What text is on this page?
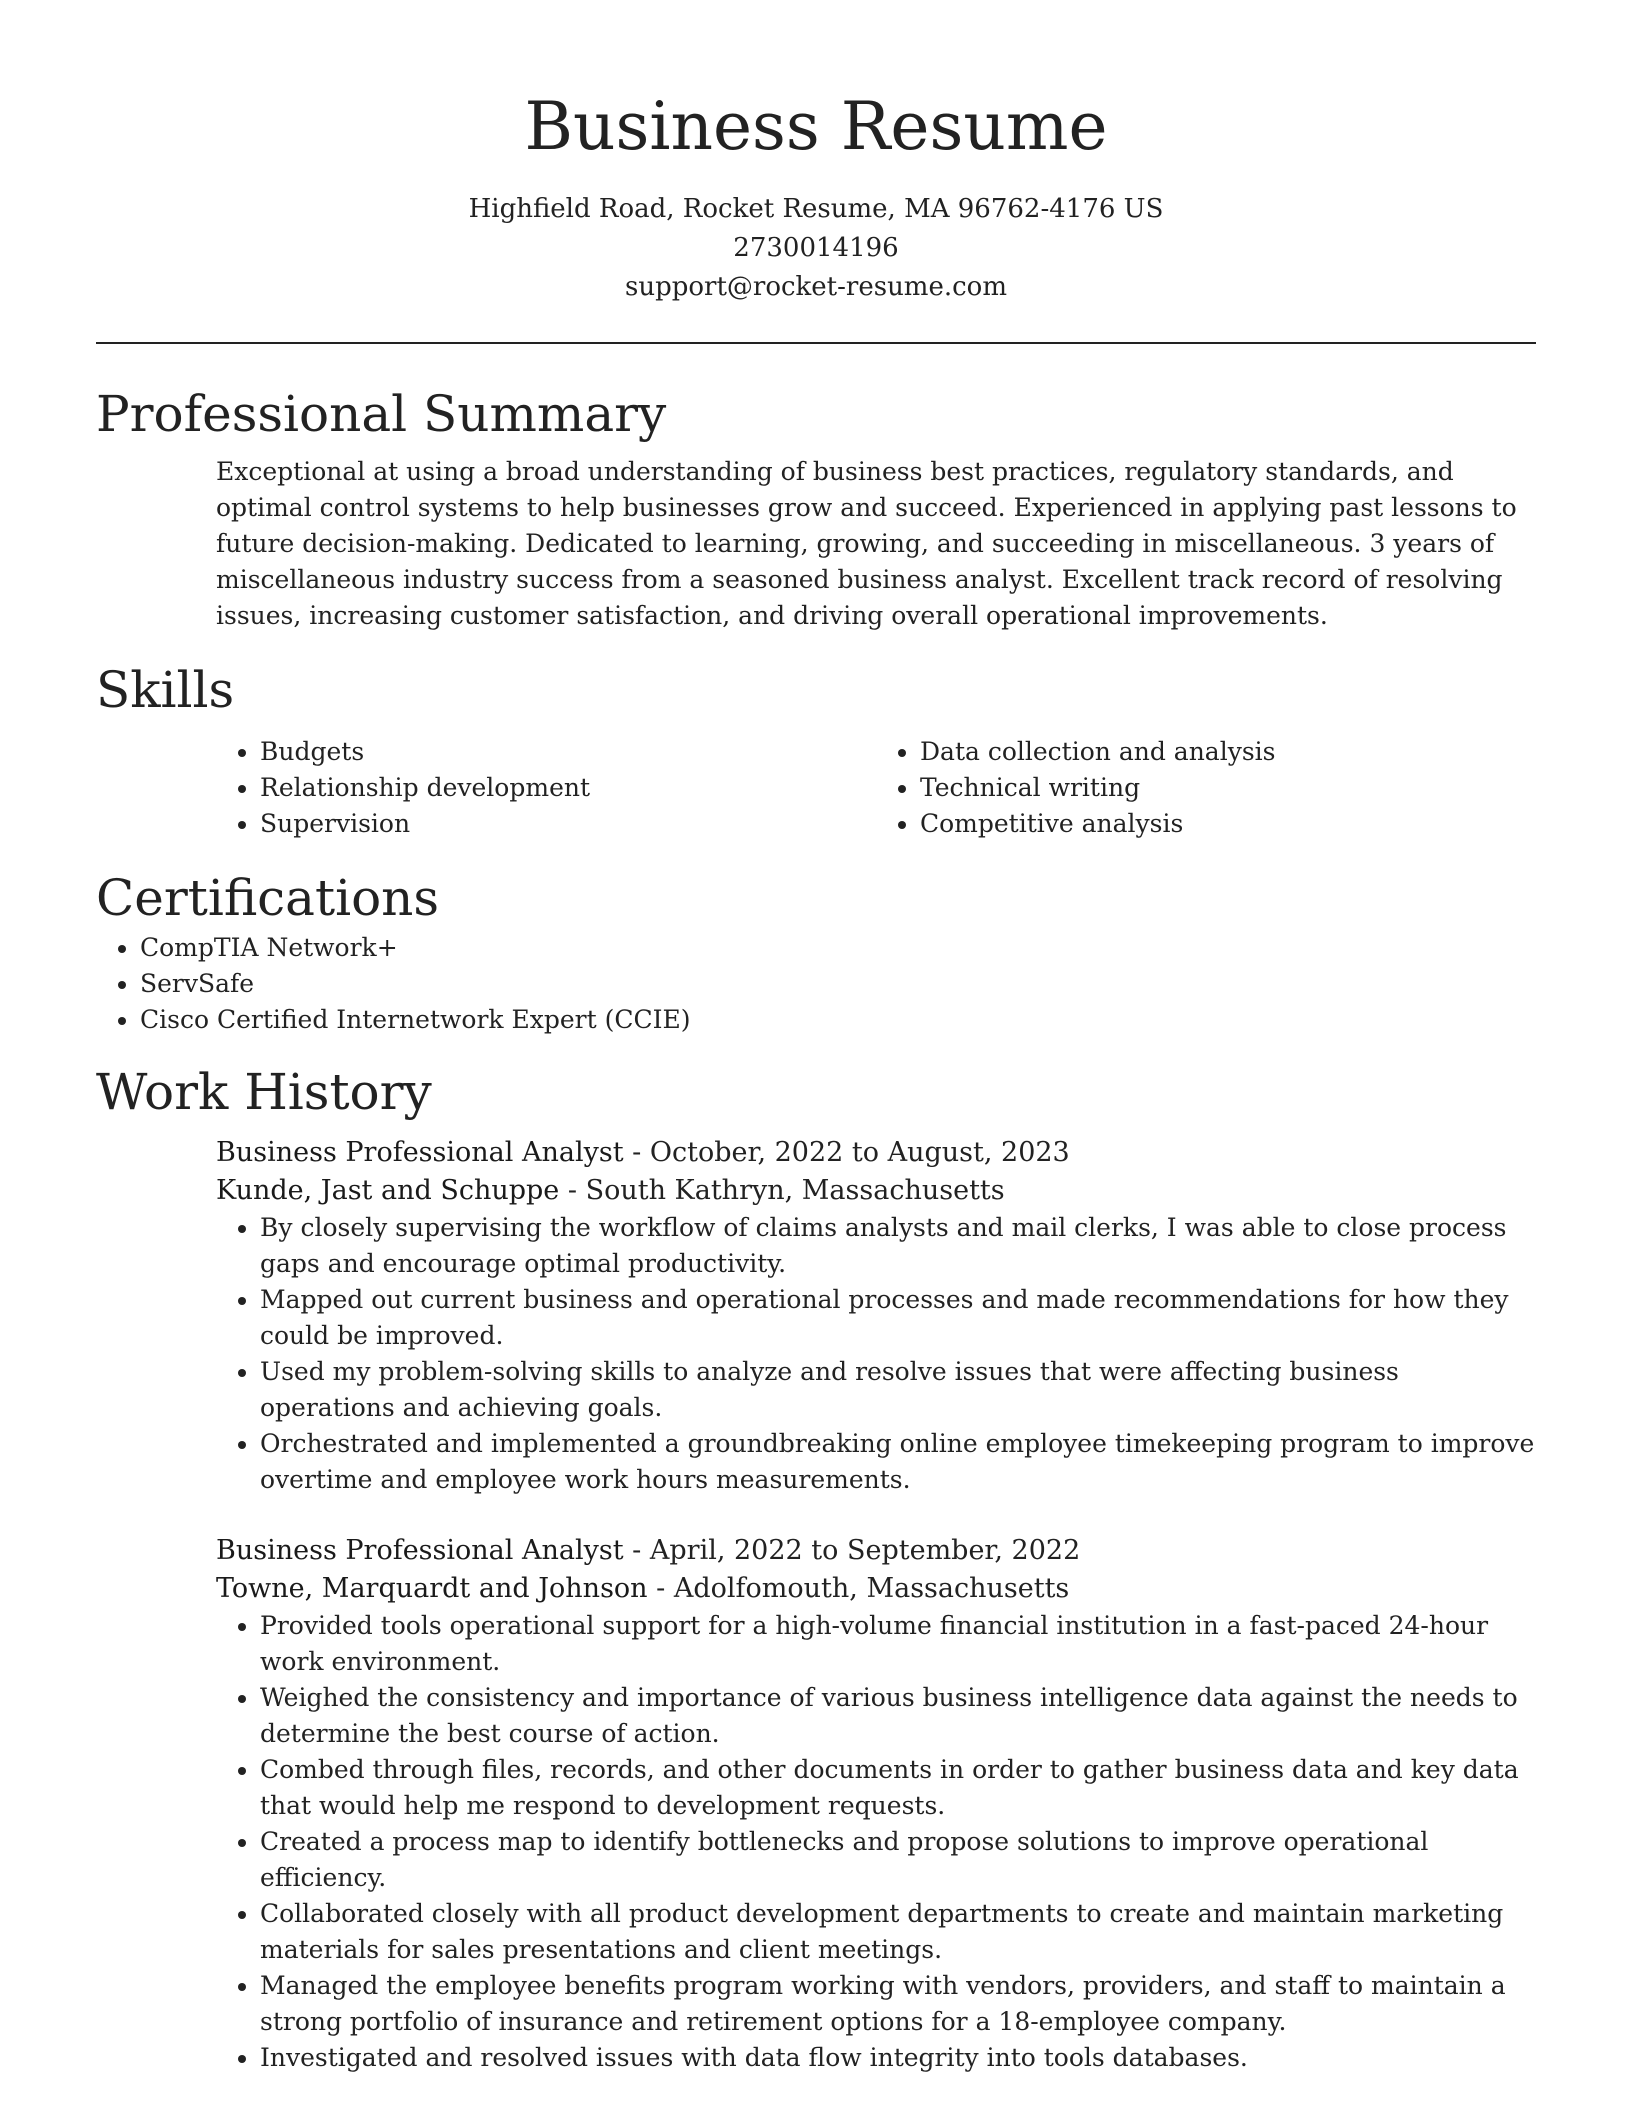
Business Resume

Highfield Road, Rocket Resume, MA 96762-4176 US

2730014196

support@rocket-resume.com

Professional Summary

Exceptional at using a broad understanding of business best practices, regulatory standards, and optimal control systems to help businesses grow and succeed. Experienced in applying past lessons to future decision-making. Dedicated to learning, growing, and succeeding in miscellaneous. 3 years of miscellaneous industry success from a seasoned business analyst. Excellent track record of resolving issues, increasing customer satisfaction, and driving overall operational improvements.

Skills
• Budgets
• Relationship development
• Supervision
• Data collection and analysis
• Technical writing
• Competitive analysis
Certifications
• CompTIA Network+
• ServSafe
• Cisco Certified Internetwork Expert (CCIE)
Work History

Business Professional Analyst - October, 2022 to August, 2023

Kunde, Jast and Schuppe - South Kathryn, Massachusetts

• By closely supervising the workflow of claims analysts and mail clerks, I was able to close process gaps and encourage optimal productivity.
• Mapped out current business and operational processes and made recommendations for how they could be improved.
• Used my problem-solving skills to analyze and resolve issues that were affecting business operations and achieving goals.
• Orchestrated and implemented a groundbreaking online employee timekeeping program to improve overtime and employee work hours measurements.

Business Professional Analyst - April, 2022 to September, 2022

Towne, Marquardt and Johnson - Adolfomouth, Massachusetts

• Provided tools operational support for a high-volume financial institution in a fast-paced 24-hour work environment.
• Weighed the consistency and importance of various business intelligence data against the needs to determine the best course of action.
• Combed through files, records, and other documents in order to gather business data and key data that would help me respond to development requests.
• Created a process map to identify bottlenecks and propose solutions to improve operational efficiency.
• Collaborated closely with all product development departments to create and maintain marketing materials for sales presentations and client meetings.
• Managed the employee benefits program working with vendors, providers, and staff to maintain a strong portfolio of insurance and retirement options for a 18-employee company.
• Investigated and resolved issues with data flow integrity into tools databases.
